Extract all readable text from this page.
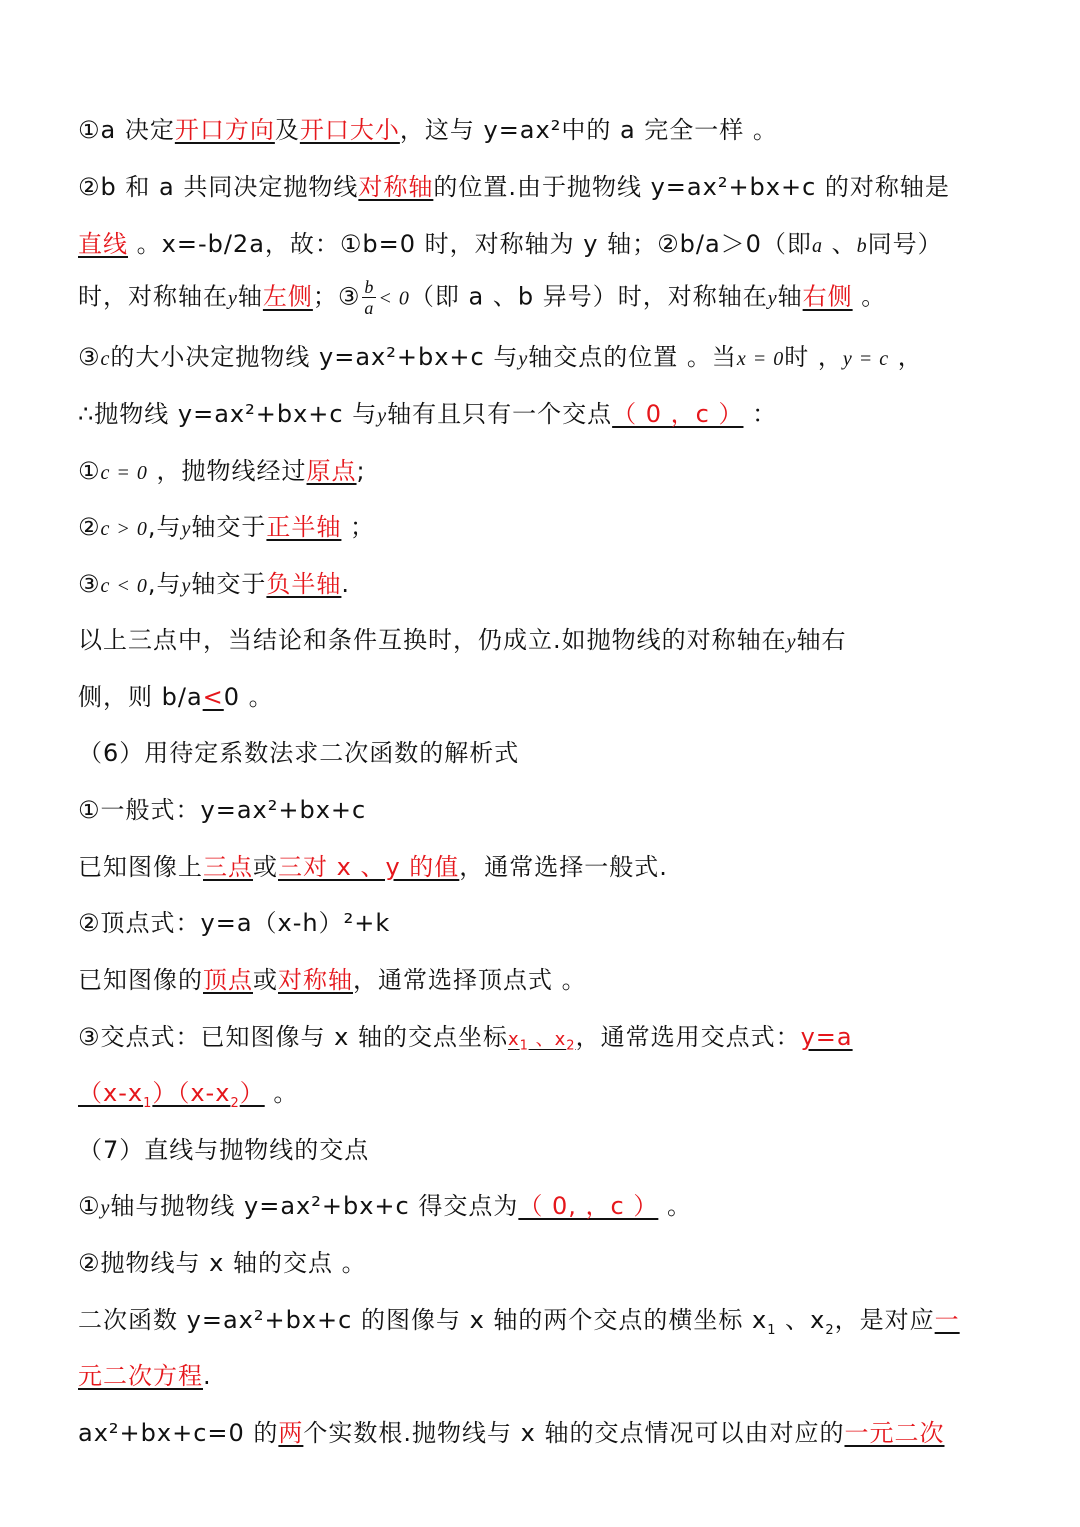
①a 决定开口方向及开口大小，这与 y=ax²中的 a 完全一样 。
②b 和 a 共同决定抛物线对称轴的位置.由于抛物线 y=ax²+bx+c 的对称轴是
直线 。x=-b/2a，故：①b=0 时，对称轴为 y 轴；②b/a＞0（即a 、b同号）
时，对称轴在y轴左侧；③ $\frac{b}{a} < 0$（即 a 、b 异号）时，对称轴在y轴右侧 。
③c的大小决定抛物线 y=ax²+bx+c 与y轴交点的位置 。当x = 0时 ，y = c ，
∴抛物线 y=ax²+bx+c 与y轴有且只有一个交点（ 0 ，c ） ：
①c = 0 ，抛物线经过原点;
②c > 0,与y轴交于正半轴 ；
③c < 0,与y轴交于负半轴.
以上三点中，当结论和条件互换时，仍成立.如抛物线的对称轴在y轴右
侧，则 b/a<0 。
（6）用待定系数法求二次函数的解析式
①一般式：y=ax²+bx+c
已知图像上三点或三对 x 、y 的值，通常选择一般式.
②顶点式：y=a（x-h）²+k
已知图像的顶点或对称轴，通常选择顶点式 。
③交点式：已知图像与 x 轴的交点坐标$x_1$ 、$x_2$，通常选用交点式：y=a
$(x-x_1)(x-x_2)$ 。
（7）直线与抛物线的交点
①y轴与抛物线 y=ax²+bx+c 得交点为（ 0, ，c ） 。
②抛物线与 x 轴的交点 。
二次函数 y=ax²+bx+c 的图像与 x 轴的两个交点的横坐标 $x_1$ 、$x_2$，是对应一
元二次方程.
ax²+bx+c=0 的两个实数根.抛物线与 x 轴的交点情况可以由对应的一元二次
